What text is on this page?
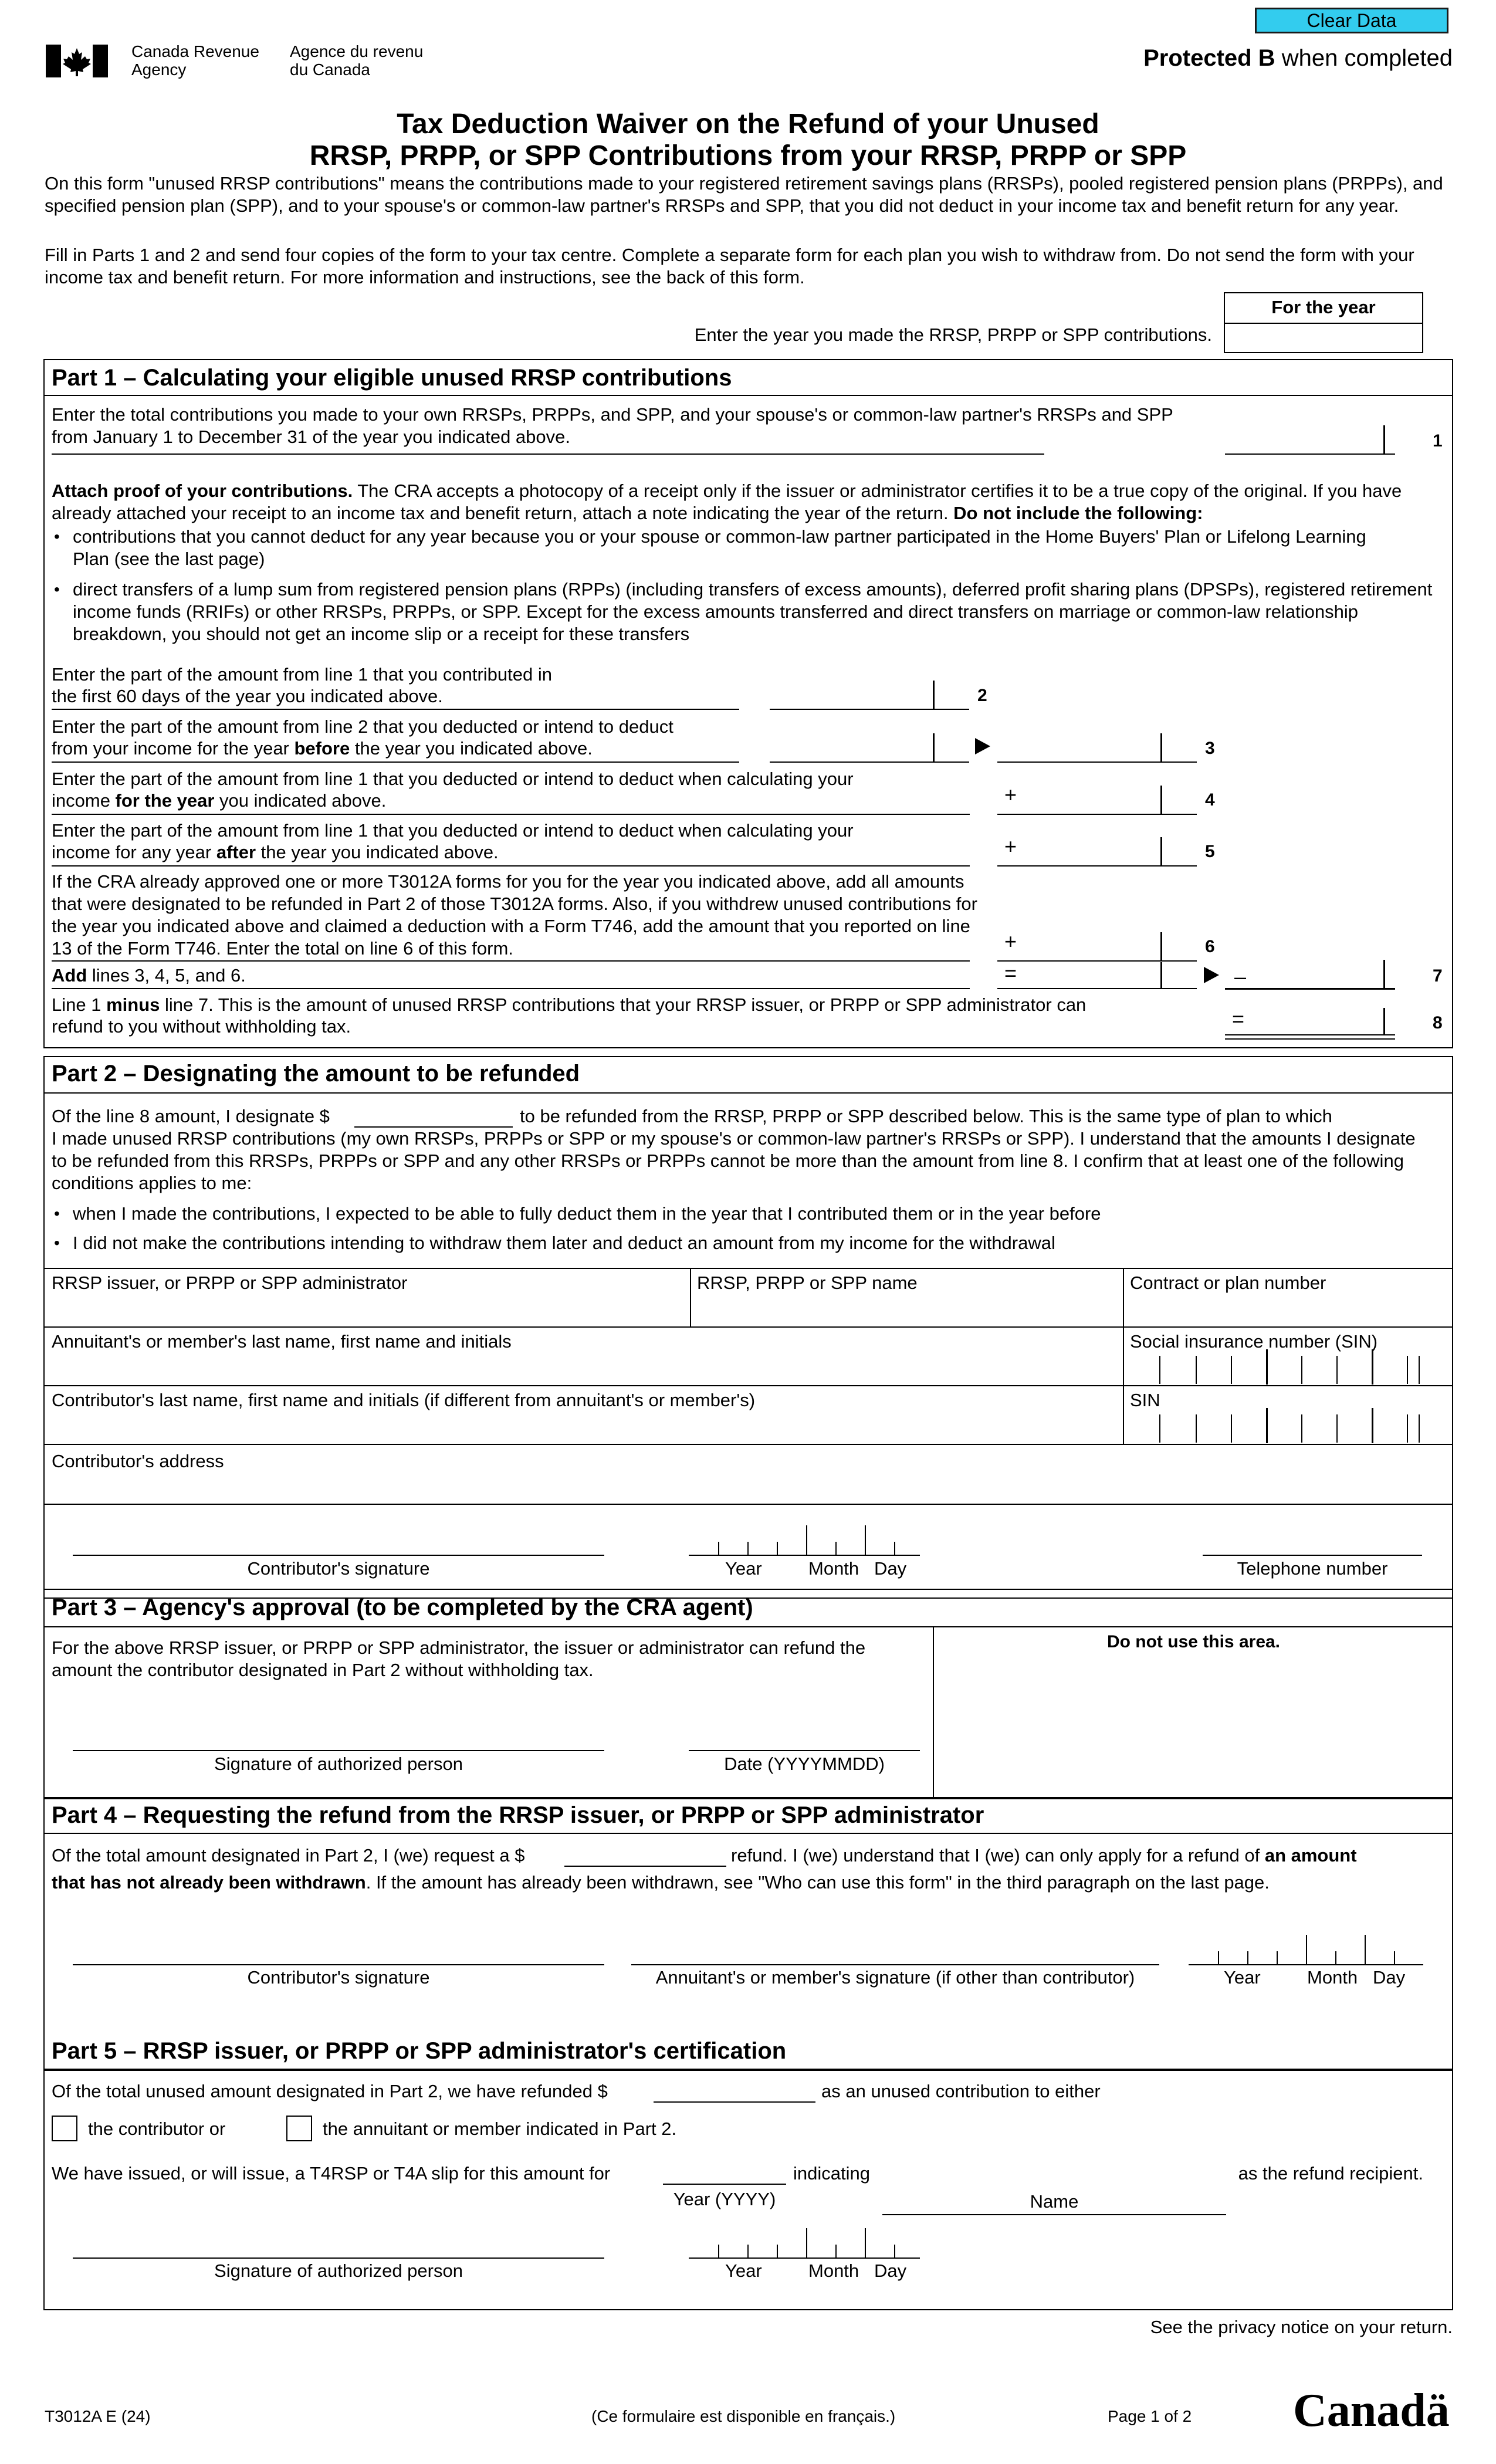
Clear Data
Canada Revenue
Agency
Agence du revenu
du Canada	Protected B when completed
Tax Deduction Waiver on the Refund of your Unused
RRSP, PRPP, or SPP Contributions from your RRSP, PRPP or SPP
On this form "unused RRSP contributions" means the contributions made to your registered retirement savings plans (RRSPs), pooled registered pension plans (PRPPs), and specified pension plan (SPP), and to your spouse's or common-law partner's RRSPs and SPP, that you did not deduct in your income tax and benefit return for any year.
Fill in Parts 1 and 2 and send four copies of the form to your tax centre. Complete a separate form for each plan you wish to withdraw from. Do not send the form with your income tax and benefit return. For more information and instructions, see the back of this form.
For the year
Enter the year you made the RRSP, PRPP or SPP contributions.
Part 1 – Calculating your eligible unused RRSP contributions
Enter the total contributions you made to your own RRSPs, PRPPs, and SPP, and your spouse's or common-law partner's RRSPs and SPP from January 1 to December 31 of the year you indicated above.	1
Attach proof of your contributions. The CRA accepts a photocopy of a receipt only if the issuer or administrator certifies it to be a true copy of the original. If you have already attached your receipt to an income tax and benefit return, attach a note indicating the year of the return. Do not include the following:
• contributions that you cannot deduct for any year because you or your spouse or common-law partner participated in the Home Buyers' Plan or Lifelong Learning Plan (see the last page)
• direct transfers of a lump sum from registered pension plans (RPPs) (including transfers of excess amounts), deferred profit sharing plans (DPSPs), registered retirement income funds (RRIFs) or other RRSPs, PRPPs, or SPP. Except for the excess amounts transferred and direct transfers on marriage or common-law relationship breakdown, you should not get an income slip or a receipt for these transfers
Enter the part of the amount from line 1 that you contributed in
the first 60 days of the year you indicated above.	2
Enter the part of the amount from line 2 that you deducted or intend to deduct
from your income for the year before the year you indicated above.	3
Enter the part of the amount from line 1 that you deducted or intend to deduct when calculating your
income for the year you indicated above.	+	4
Enter the part of the amount from line 1 that you deducted or intend to deduct when calculating your
income for any year after the year you indicated above.	+	5
If the CRA already approved one or more T3012A forms for you for the year you indicated above, add all amounts that were designated to be refunded in Part 2 of those T3012A forms. Also, if you withdrew unused contributions for the year you indicated above and claimed a deduction with a Form T746, add the amount that you reported on line 13 of the Form T746. Enter the total on line 6 of this form.	+	6
Add lines 3, 4, 5, and 6.	=	–	7
Line 1 minus line 7. This is the amount of unused RRSP contributions that your RRSP issuer, or PRPP or SPP administrator can
refund to you without withholding tax.	=	8
Part 2 – Designating the amount to be refunded
Of the line 8 amount, I designate $	to be refunded from the RRSP, PRPP or SPP described below. This is the same type of plan to which
I made unused RRSP contributions (my own RRSPs, PRPPs or SPP or my spouse's or common-law partner's RRSPs or SPP). I understand that the amounts I designate to be refunded from this RRSPs, PRPPs or SPP and any other RRSPs or PRPPs cannot be more than the amount from line 8. I confirm that at least one of the following conditions applies to me:
• when I made the contributions, I expected to be able to fully deduct them in the year that I contributed them or in the year before
• I did not make the contributions intending to withdraw them later and deduct an amount from my income for the withdrawal
RRSP issuer, or PRPP or SPP administrator	RRSP, PRPP or SPP name	Contract or plan number
Annuitant's or member's last name, first name and initials	Social insurance number (SIN)
Contributor's last name, first name and initials (if different from annuitant's or member's)	SIN
Contributor's address
Contributor's signature	Year	Month Day	Telephone number
Part 3 – Agency's approval (to be completed by the CRA agent)
For the above RRSP issuer, or PRPP or SPP administrator, the issuer or administrator can refund the amount the contributor designated in Part 2 without withholding tax.
Do not use this area.
Signature of authorized person	Date (YYYYMMDD)
Part 4 – Requesting the refund from the RRSP issuer, or PRPP or SPP administrator
Of the total amount designated in Part 2, I (we) request a $	refund. I (we) understand that I (we) can only apply for a refund of an amount
that has not already been withdrawn. If the amount has already been withdrawn, see "Who can use this form" in the third paragraph on the last page.
Contributor's signature	Annuitant's or member's signature (if other than contributor)	Year	Month Day
Part 5 – RRSP issuer, or PRPP or SPP administrator's certification
Of the total unused amount designated in Part 2, we have refunded $	as an unused contribution to either
the contributor or	the annuitant or member indicated in Part 2.
We have issued, or will issue, a T4RSP or T4A slip for this amount for	indicating	as the refund recipient.
Year (YYYY)	Name
Signature of authorized person	Year	Month Day
See the privacy notice on your return.
T3012A E (24)	(Ce formulaire est disponible en français.)	Page 1 of 2 Canadä
